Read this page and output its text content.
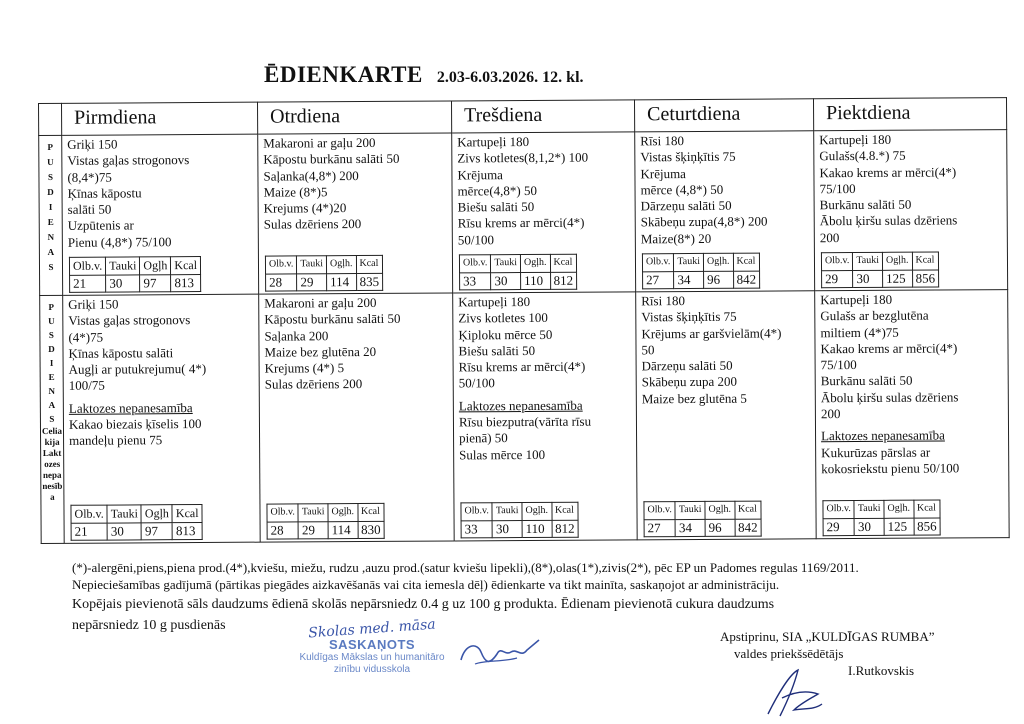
ĒDIENKARTE 2.03-6.03.2026. 12. kl.
	Pirmdiena	Otrdiena	Trešdiena	Ceturtdiena	Piektdiena

P
U
S
D
I
E
N
A
S

Griķi 150
Vistas gaļas strogonovs
(8,4*)75
Ķīnas kāpostu
salāti 50
Uzpūtenis ar
Pienu (4,8*) 75/100
Olb.v.	Tauki	Ogļh	Kcal
21	30	97	813

Makaroni ar gaļu 200
Kāpostu burkānu salāti 50
Saļanka(4,8*) 200
Maize (8*)5
Krejums (4*)20
Sulas dzēriens 200
Olb.v.	Tauki	Ogļh.	Kcal
28	29	114	835

Kartupeļi 180
Zivs kotletes(8,1,2*) 100
Krējuma
mērce(4,8*) 50
Biešu salāti 50
Rīsu krems ar mērci(4*)
50/100
Olb.v.	Tauki	Ogļh.	Kcal
33	30	110	812

Rīsi 180
Vistas šķiņķītis 75
Krējuma
mērce (4,8*) 50
Dārzeņu salāti 50
Skābeņu zupa(4,8*) 200
Maize(8*) 20
Olb.v.	Tauki	Ogļh.	Kcal
27	34	96	842

Kartupeļi 180
Gulašs(4.8.*) 75
Kakao krems ar mērci(4*)
75/100
Burkānu salāti 50
Ābolu ķiršu sulas dzēriens
200
Olb.v.	Tauki	Ogļh.	Kcal
29	30	125	856

P
U
S
D
I
E
N
A
S
Celia
kija
Lakt
ozes
nepa
nesīb
a

Griķi 150
Vistas gaļas strogonovs
(4*)75
Ķīnas kāpostu salāti
Augļi ar putukrejumu( 4*)
100/75
Laktozes nepanesamība
Kakao biezais ķīselis 100
mandeļu pienu 75
Olb.v.	Tauki	Ogļh	Kcal
21	30	97	813

Makaroni ar gaļu 200
Kāpostu burkānu salāti 50
Saļanka 200
Maize bez glutēna 20
Krejums (4*) 5
Sulas dzēriens 200
Olb.v.	Tauki	Ogļh.	Kcal
28	29	114	830

Kartupeļi 180
Zivs kotletes 100
Ķiploku mērce 50
Biešu salāti 50
Rīsu krems ar mērci(4*)
50/100
Laktozes nepanesamība
Rīsu biezputra(vārīta rīsu
pienā) 50
Sulas mērce 100
Olb.v.	Tauki	Ogļh.	Kcal
33	30	110	812

Rīsi 180
Vistas šķiņķītis 75
Krējums ar garšvielām(4*)
50
Dārzeņu salāti 50
Skābeņu zupa 200
Maize bez glutēna 5
Olb.v.	Tauki	Ogļh.	Kcal
27	34	96	842

Kartupeļi 180
Gulašs ar bezglutēna
miltiem (4*)75
Kakao krems ar mērci(4*)
75/100
Burkānu salāti 50
Ābolu ķiršu sulas dzēriens
200
Laktozes nepanesamība
Kukurūzas pārslas ar
kokosriekstu pienu 50/100
Olb.v.	Tauki	Ogļh.	Kcal
29	30	125	856
(*)-alergēni,piens,piena prod.(4*),kviešu, miežu, rudzu ,auzu prod.(satur kviešu lipekli),(8*),olas(1*),zivis(2*), pēc EP un Padomes regulas 1169/2011.
Nepieciešamības gadījumā (pārtikas piegādes aizkavēšanās vai cita iemesla dēļ) ēdienkarte va tikt mainīta, saskaņojot ar administrāciju.
Kopējais pievienotā sāls daudzums ēdienā skolās nepārsniedz 0.4 g uz 100 g produkta. Ēdienam pievienotā cukura daudzums
nepārsniedz 10 g pusdienās	Skolas med. māsa
SASKAŅOTS
Kuldīgas Mākslas un humanitāro
zinību vidusskola
Apstiprinu, SIA „KULDĪGAS RUMBA”
valdes priekšsēdētājs
I.Rutkovskis
